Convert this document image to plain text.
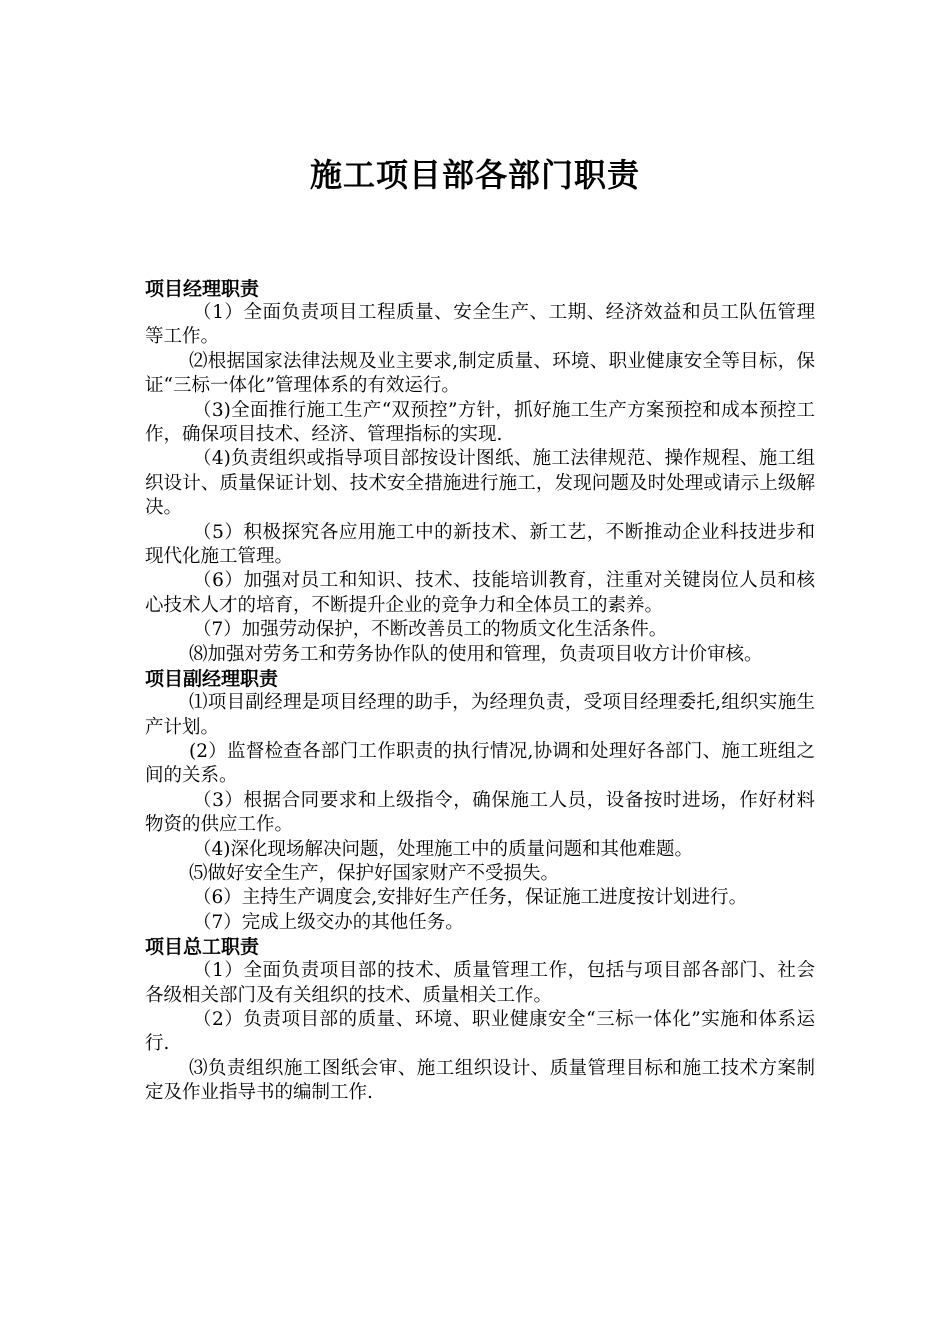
施工项目部各部门职责
项目经理职责

（1）全面负责项目工程质量、安全生产、工期、经济效益和员工队伍管理等工作。

⑵根据国家法律法规及业主要求,制定质量、环境、职业健康安全等目标，保证“三标一体化”管理体系的有效运行。

（3)全面推行施工生产“双预控”方针，抓好施工生产方案预控和成本预控工作，确保项目技术、经济、管理指标的实现.

（4)负责组织或指导项目部按设计图纸、施工法律规范、操作规程、施工组织设计、质量保证计划、技术安全措施进行施工，发现问题及时处理或请示上级解决。

（5）积极探究各应用施工中的新技术、新工艺，不断推动企业科技进步和现代化施工管理。

（6）加强对员工和知识、技术、技能培训教育，注重对关键岗位人员和核心技术人才的培育，不断提升企业的竞争力和全体员工的素养。

（7）加强劳动保护，不断改善员工的物质文化生活条件。

⑻加强对劳务工和劳务协作队的使用和管理，负责项目收方计价审核。

项目副经理职责

⑴项目副经理是项目经理的助手，为经理负责，受项目经理委托,组织实施生产计划。

(2）监督检查各部门工作职责的执行情况,协调和处理好各部门、施工班组之间的关系。

（3）根据合同要求和上级指令，确保施工人员，设备按时进场，作好材料物资的供应工作。

（4)深化现场解决问题，处理施工中的质量问题和其他难题。

⑸做好安全生产，保护好国家财产不受损失。

（6）主持生产调度会,安排好生产任务，保证施工进度按计划进行。

（7）完成上级交办的其他任务。

项目总工职责

（1）全面负责项目部的技术、质量管理工作，包括与项目部各部门、社会各级相关部门及有关组织的技术、质量相关工作。

（2）负责项目部的质量、环境、职业健康安全“三标一体化”实施和体系运行.

⑶负责组织施工图纸会审、施工组织设计、质量管理目标和施工技术方案制定及作业指导书的编制工作.
